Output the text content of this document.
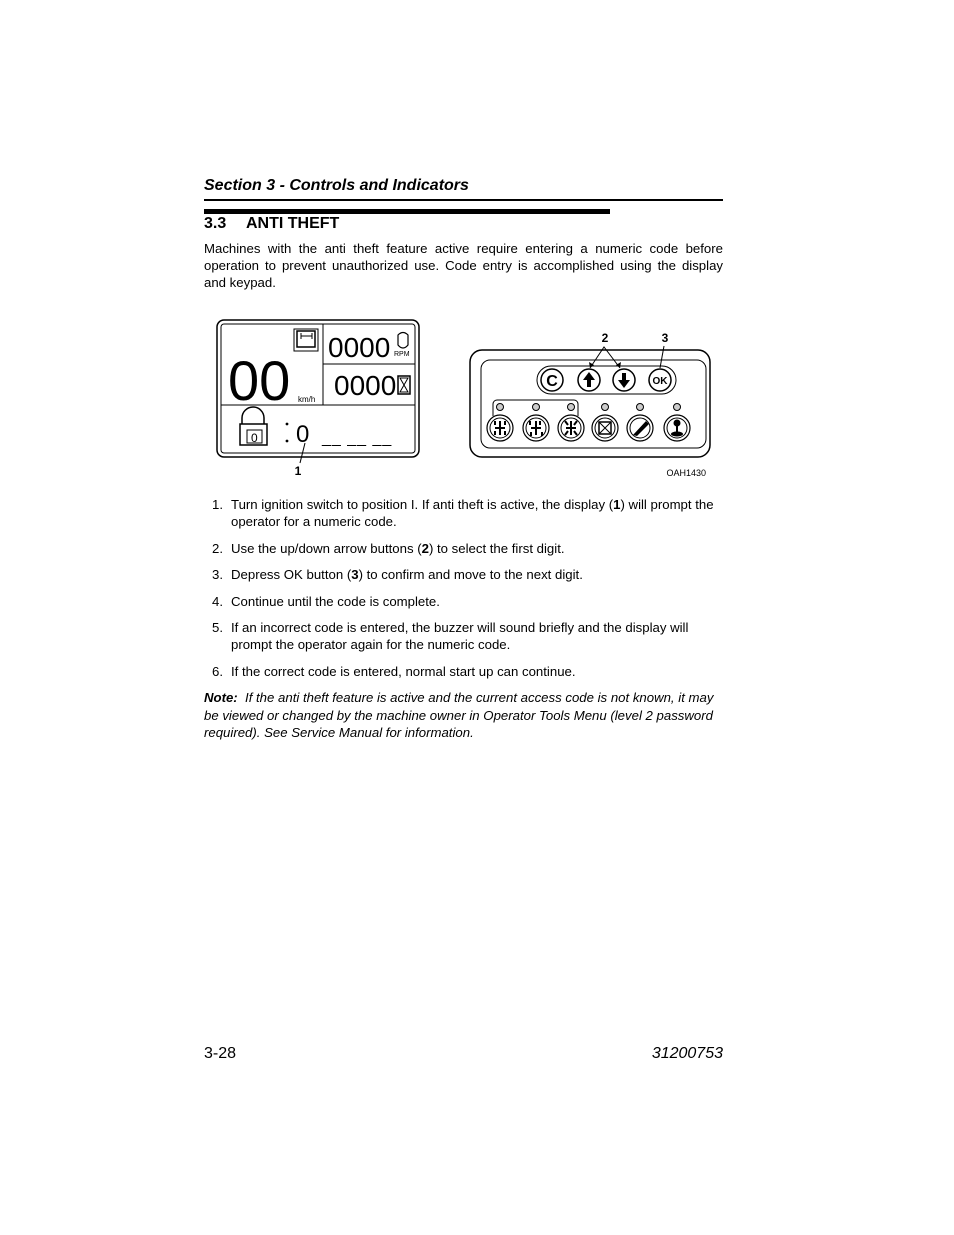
Section 3 - Controls and Indicators
3.3 ANTI THEFT
Machines with the anti theft feature active require entering a numeric code before operation to prevent unauthorized use. Code entry is accomplished using the display and keypad.
00 km/h
0000 RPM
0000
0 0 __ __ __
C	OK
1
2	3
OAH1430
1. Turn ignition switch to position I. If anti theft is active, the display (1) will prompt the operator for a numeric code.
2. Use the up/down arrow buttons (2) to select the first digit.
3. Depress OK button (3) to confirm and move to the next digit.
4. Continue until the code is complete.
5. If an incorrect code is entered, the buzzer will sound briefly and the display will prompt the operator again for the numeric code.
6. If the correct code is entered, normal start up can continue.
Note: If the anti theft feature is active and the current access code is not known, it may be viewed or changed by the machine owner in Operator Tools Menu (level 2 password required). See Service Manual for information.
3-28	31200753
